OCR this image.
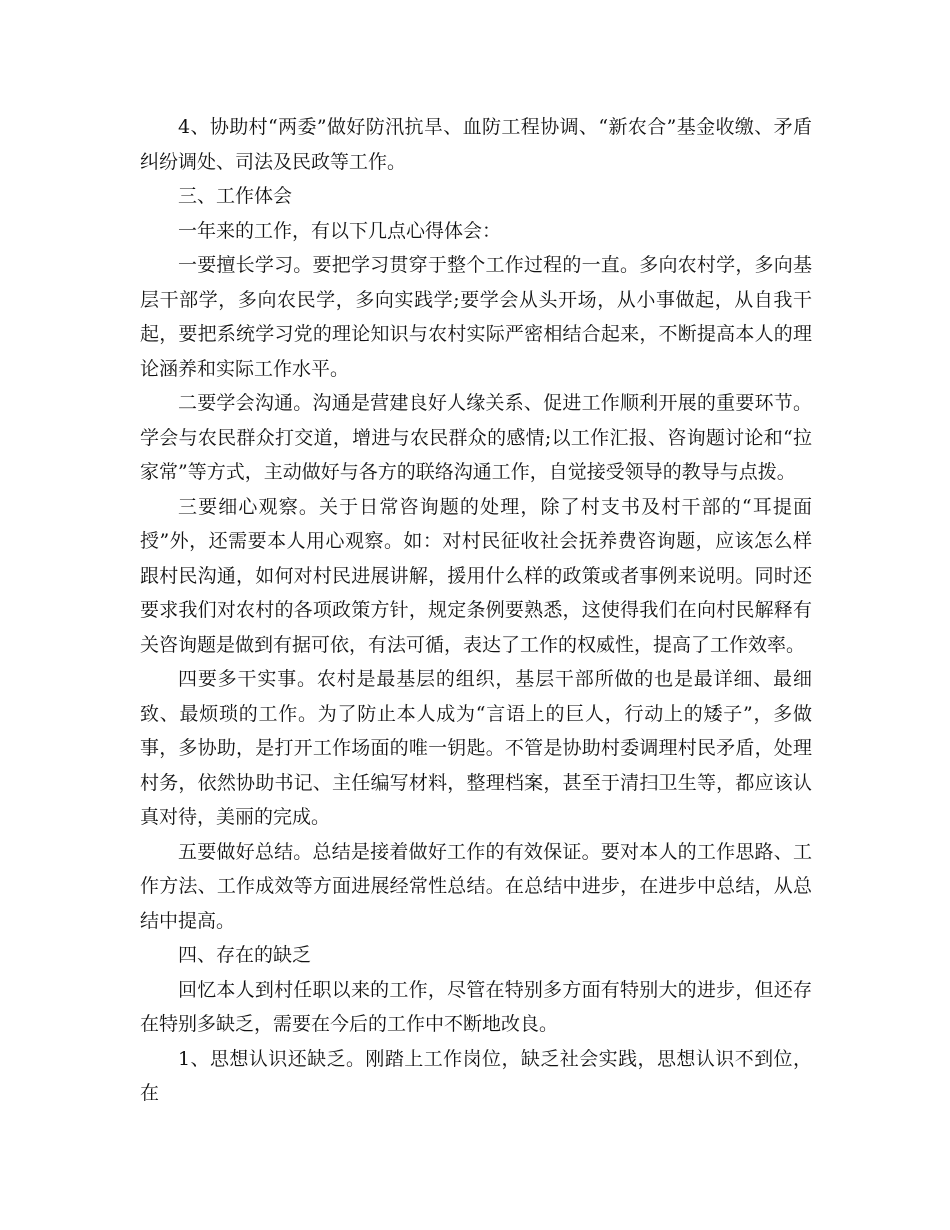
4、协助村“两委”做好防汛抗旱、血防工程协调、“新农合”基金收缴、矛盾纠纷调处、司法及民政等工作。

三、工作体会

一年来的工作，有以下几点心得体会：

一要擅长学习。要把学习贯穿于整个工作过程的一直。多向农村学，多向基层干部学，多向农民学，多向实践学;要学会从头开场，从小事做起，从自我干起，要把系统学习党的理论知识与农村实际严密相结合起来，不断提高本人的理论涵养和实际工作水平。

二要学会沟通。沟通是营建良好人缘关系、促进工作顺利开展的重要环节。学会与农民群众打交道，增进与农民群众的感情;以工作汇报、咨询题讨论和“拉家常”等方式，主动做好与各方的联络沟通工作，自觉接受领导的教导与点拨。

三要细心观察。关于日常咨询题的处理，除了村支书及村干部的“耳提面授”外，还需要本人用心观察。如：对村民征收社会抚养费咨询题，应该怎么样跟村民沟通，如何对村民进展讲解，援用什么样的政策或者事例来说明。同时还要求我们对农村的各项政策方针，规定条例要熟悉，这使得我们在向村民解释有关咨询题是做到有据可依，有法可循，表达了工作的权威性，提高了工作效率。

四要多干实事。农村是最基层的组织，基层干部所做的也是最详细、最细致、最烦琐的工作。为了防止本人成为“言语上的巨人，行动上的矮子”，多做事，多协助，是打开工作场面的唯一钥匙。不管是协助村委调理村民矛盾，处理村务，依然协助书记、主任编写材料，整理档案，甚至于清扫卫生等，都应该认真对待，美丽的完成。

五要做好总结。总结是接着做好工作的有效保证。要对本人的工作思路、工作方法、工作成效等方面进展经常性总结。在总结中进步，在进步中总结，从总结中提高。

四、存在的缺乏

回忆本人到村任职以来的工作，尽管在特别多方面有特别大的进步，但还存在特别多缺乏，需要在今后的工作中不断地改良。

1、思想认识还缺乏。刚踏上工作岗位，缺乏社会实践，思想认识不到位，在
